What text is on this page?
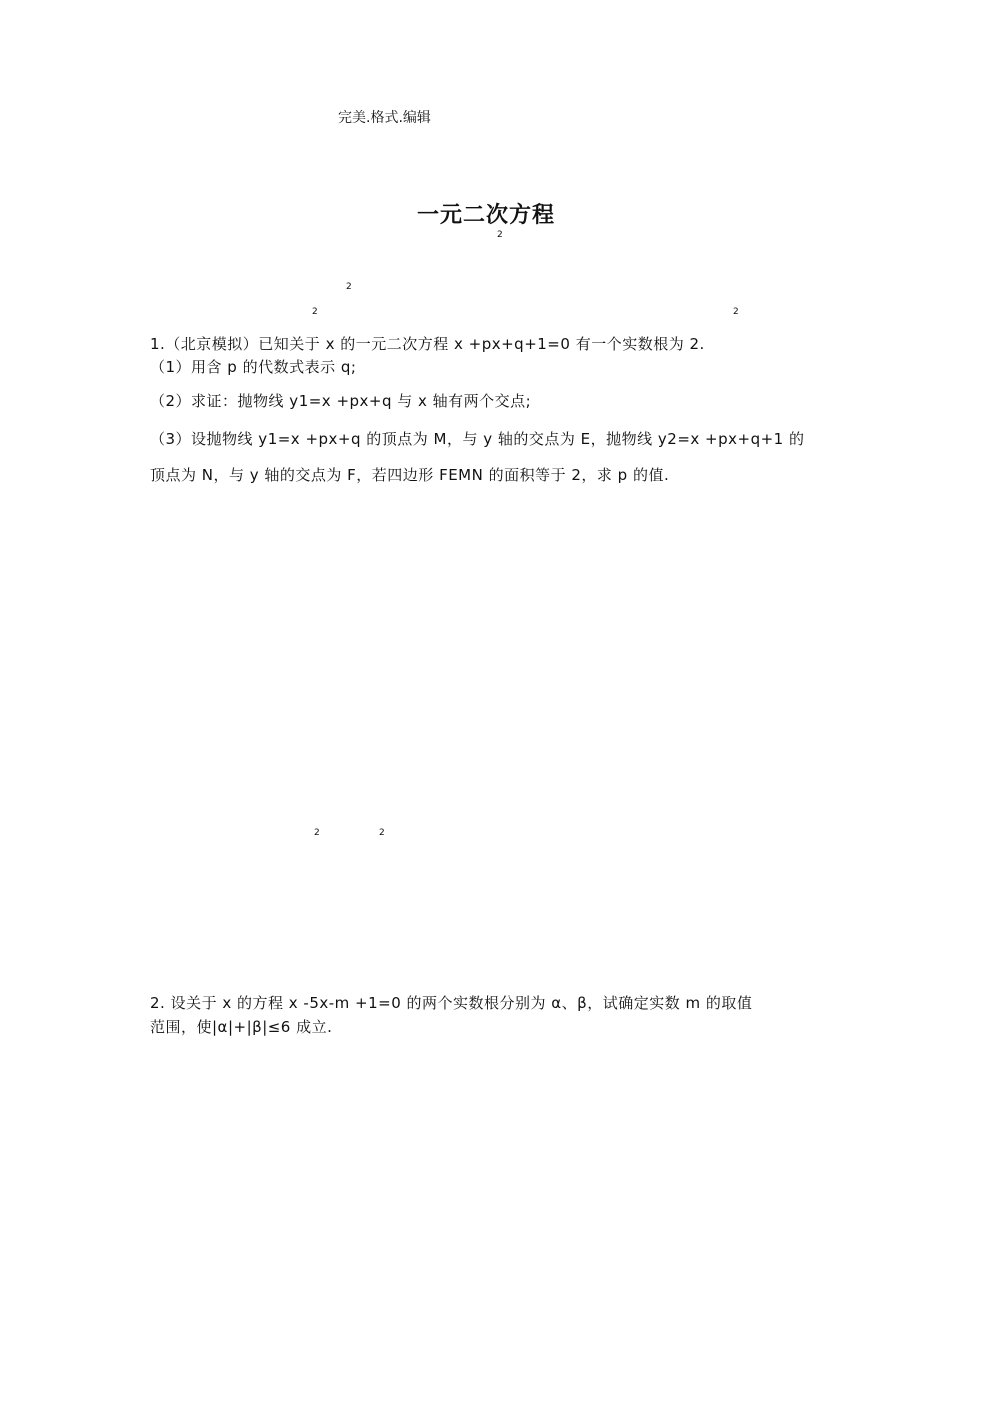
完美.格式.编辑
一元二次方程
2
2
2	2
2	2
1.（北京模拟）已知关于 x 的一元二次方程 x +px+q+1=0 有一个实数根为 2.
（1）用含 p 的代数式表示 q;
（2）求证：抛物线 y1=x +px+q 与 x 轴有两个交点;
（3）设抛物线 y1=x +px+q 的顶点为 M，与 y 轴的交点为 E，抛物线 y2=x +px+q+1 的
顶点为 N，与 y 轴的交点为 F，若四边形 FEMN 的面积等于 2，求 p 的值.
2. 设关于 x 的方程 x -5x-m +1=0 的两个实数根分别为 α、β，试确定实数 m 的取值
范围，使|α|+|β|≤6 成立.
